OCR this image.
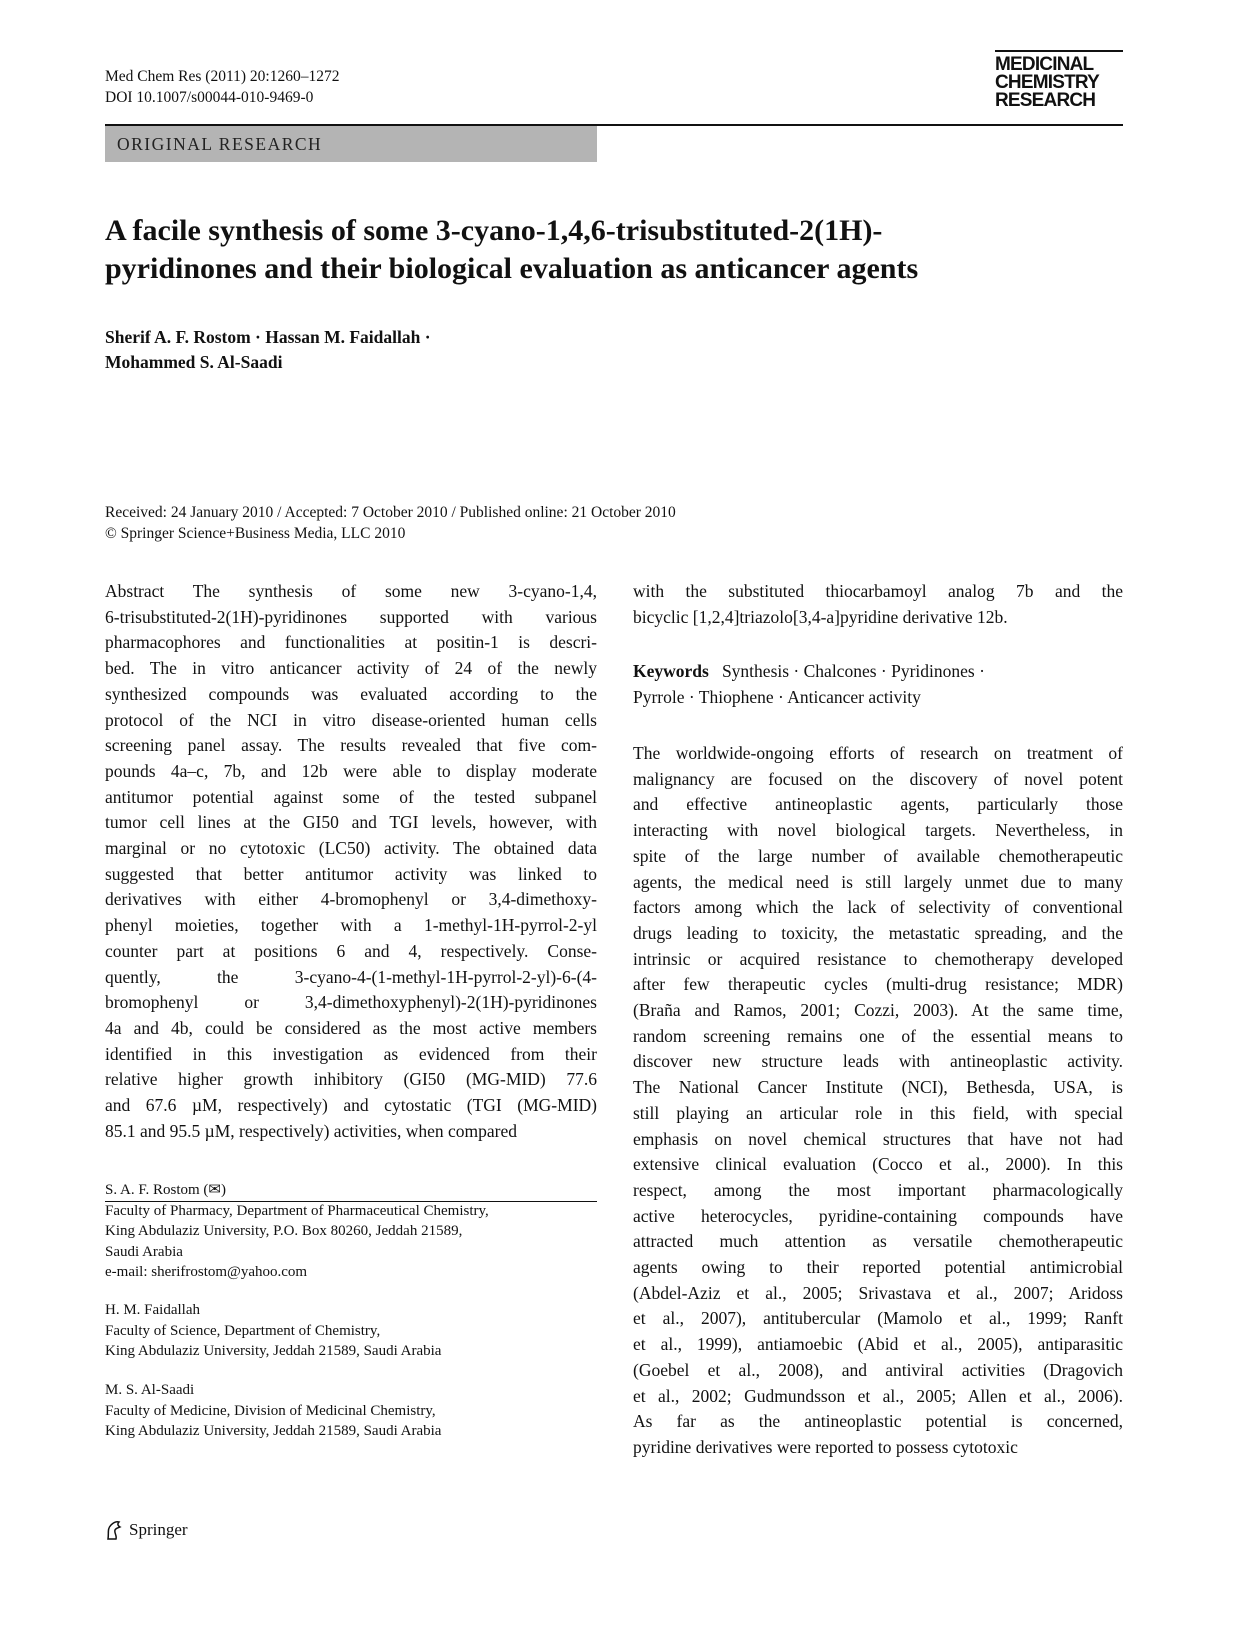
Med Chem Res (2011) 20:1260–1272
DOI 10.1007/s00044-010-9469-0
MEDICINAL
CHEMISTRY
RESEARCH
ORIGINAL RESEARCH
A facile synthesis of some 3-cyano-1,4,6-trisubstituted-2(1H)-
pyridinones and their biological evaluation as anticancer agents
Sherif A. F. Rostom · Hassan M. Faidallah ·
Mohammed S. Al-Saadi
Received: 24 January 2010 / Accepted: 7 October 2010 / Published online: 21 October 2010
© Springer Science+Business Media, LLC 2010
Abstract The synthesis of some new 3-cyano-1,4,
6-trisubstituted-2(1H)-pyridinones supported with various
pharmacophores and functionalities at positin-1 is descri-
bed. The in vitro anticancer activity of 24 of the newly
synthesized compounds was evaluated according to the
protocol of the NCI in vitro disease-oriented human cells
screening panel assay. The results revealed that five com-
pounds 4a–c, 7b, and 12b were able to display moderate
antitumor potential against some of the tested subpanel
tumor cell lines at the GI50 and TGI levels, however, with
marginal or no cytotoxic (LC50) activity. The obtained data
suggested that better antitumor activity was linked to
derivatives with either 4-bromophenyl or 3,4-dimethoxy-
phenyl moieties, together with a 1-methyl-1H-pyrrol-2-yl
counter part at positions 6 and 4, respectively. Conse-
quently, the 3-cyano-4-(1-methyl-1H-pyrrol-2-yl)-6-(4-
bromophenyl or 3,4-dimethoxyphenyl)-2(1H)-pyridinones
4a and 4b, could be considered as the most active members
identified in this investigation as evidenced from their
relative higher growth inhibitory (GI50 (MG-MID) 77.6
and 67.6 µM, respectively) and cytostatic (TGI (MG-MID)
85.1 and 95.5 µM, respectively) activities, when compared
with the substituted thiocarbamoyl analog 7b and the
bicyclic [1,2,4]triazolo[3,4-a]pyridine derivative 12b.
Keywords Synthesis · Chalcones · Pyridinones ·
Pyrrole · Thiophene · Anticancer activity
The worldwide-ongoing efforts of research on treatment of
malignancy are focused on the discovery of novel potent
and effective antineoplastic agents, particularly those
interacting with novel biological targets. Nevertheless, in
spite of the large number of available chemotherapeutic
agents, the medical need is still largely unmet due to many
factors among which the lack of selectivity of conventional
drugs leading to toxicity, the metastatic spreading, and the
intrinsic or acquired resistance to chemotherapy developed
after few therapeutic cycles (multi-drug resistance; MDR)
(Braña and Ramos, 2001; Cozzi, 2003). At the same time,
random screening remains one of the essential means to
discover new structure leads with antineoplastic activity.
The National Cancer Institute (NCI), Bethesda, USA, is
still playing an articular role in this field, with special
emphasis on novel chemical structures that have not had
extensive clinical evaluation (Cocco et al., 2000). In this
respect, among the most important pharmacologically
active heterocycles, pyridine-containing compounds have
attracted much attention as versatile chemotherapeutic
agents owing to their reported potential antimicrobial
(Abdel-Aziz et al., 2005; Srivastava et al., 2007; Aridoss
et al., 2007), antitubercular (Mamolo et al., 1999; Ranft
et al., 1999), antiamoebic (Abid et al., 2005), antiparasitic
(Goebel et al., 2008), and antiviral activities (Dragovich
et al., 2002; Gudmundsson et al., 2005; Allen et al., 2006).
As far as the antineoplastic potential is concerned,
pyridine derivatives were reported to possess cytotoxic
S. A. F. Rostom (✉)
Faculty of Pharmacy, Department of Pharmaceutical Chemistry,
King Abdulaziz University, P.O. Box 80260, Jeddah 21589,
Saudi Arabia
e-mail: sherifrostom@yahoo.com
H. M. Faidallah
Faculty of Science, Department of Chemistry,
King Abdulaziz University, Jeddah 21589, Saudi Arabia
M. S. Al-Saadi
Faculty of Medicine, Division of Medicinal Chemistry,
King Abdulaziz University, Jeddah 21589, Saudi Arabia
Springer
